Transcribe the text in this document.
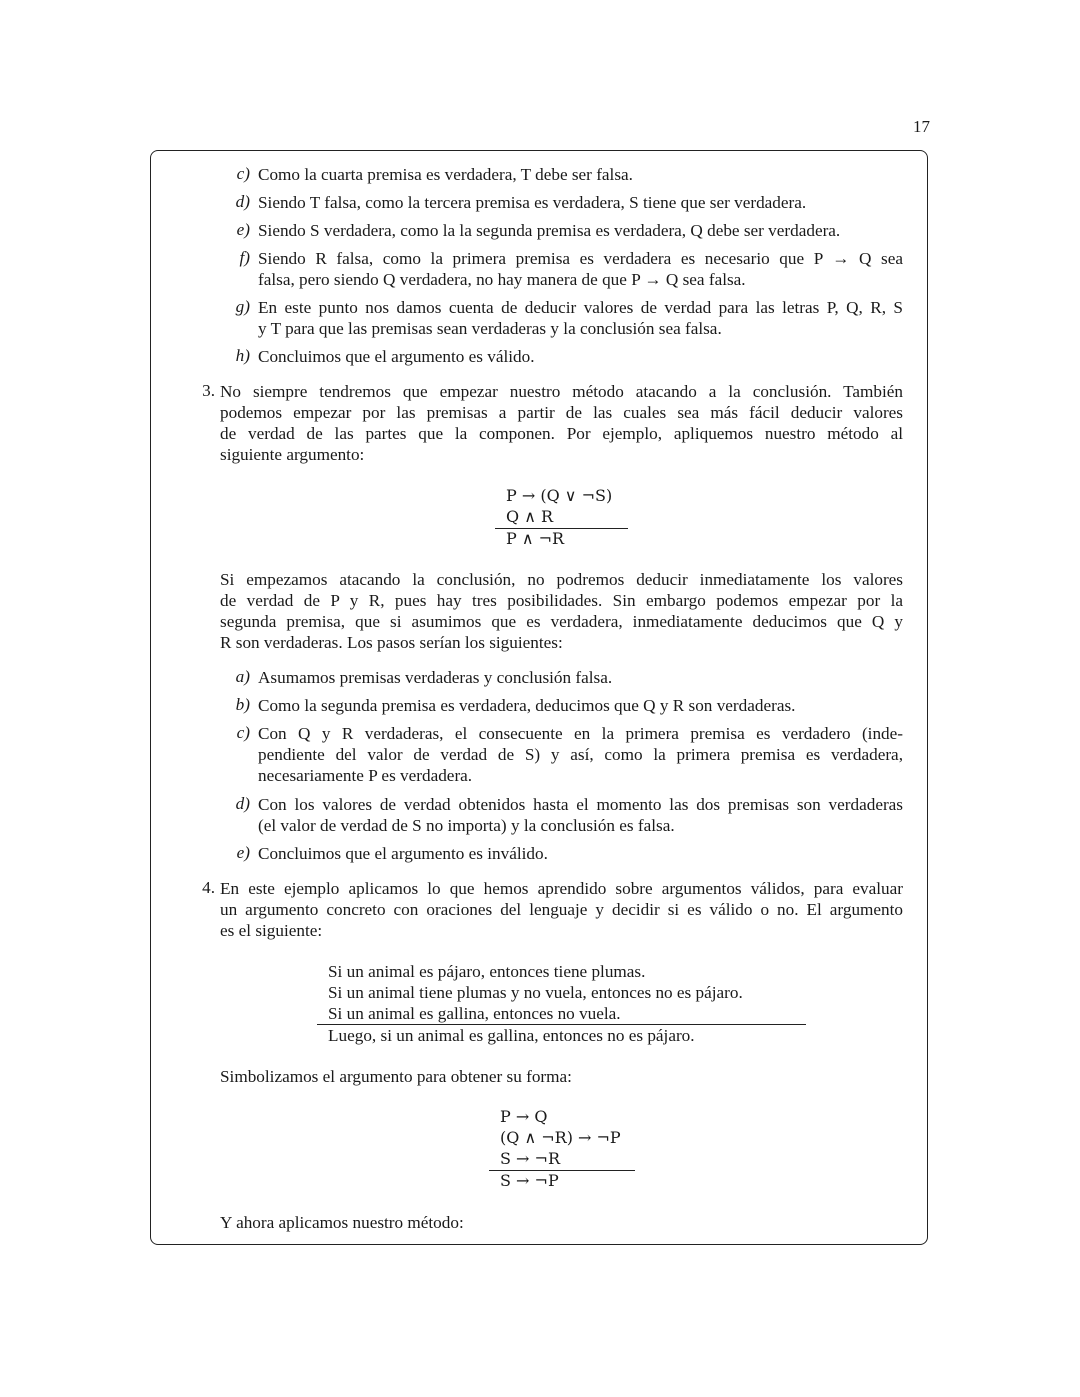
17
c) Como la cuarta premisa es verdadera, T debe ser falsa.
d) Siendo T falsa, como la tercera premisa es verdadera, S tiene que ser verdadera.
e) Siendo S verdadera, como la la segunda premisa es verdadera, Q debe ser verdadera.
f) Siendo R falsa, como la primera premisa es verdadera es necesario que P → Q sea
falsa, pero siendo Q verdadera, no hay manera de que P → Q sea falsa.
g) En este punto nos damos cuenta de deducir valores de verdad para las letras P, Q, R, S
y T para que las premisas sean verdaderas y la conclusión sea falsa.
h) Concluimos que el argumento es válido.
3. No siempre tendremos que empezar nuestro método atacando a la conclusión. También
podemos empezar por las premisas a partir de las cuales sea más fácil deducir valores
de verdad de las partes que la componen. Por ejemplo, apliquemos nuestro método al
siguiente argumento:
P → (Q ∨ ¬S)
Q ∧ R
P ∧ ¬R
Si empezamos atacando la conclusión, no podremos deducir inmediatamente los valores
de verdad de P y R, pues hay tres posibilidades. Sin embargo podemos empezar por la
segunda premisa, que si asumimos que es verdadera, inmediatamente deducimos que Q y
R son verdaderas. Los pasos serían los siguientes:
a) Asumamos premisas verdaderas y conclusión falsa.
b) Como la segunda premisa es verdadera, deducimos que Q y R son verdaderas.
c) Con Q y R verdaderas, el consecuente en la primera premisa es verdadero (inde-
pendiente del valor de verdad de S) y así, como la primera premisa es verdadera,
necesariamente P es verdadera.
d) Con los valores de verdad obtenidos hasta el momento las dos premisas son verdaderas
(el valor de verdad de S no importa) y la conclusión es falsa.
e) Concluimos que el argumento es inválido.
4. En este ejemplo aplicamos lo que hemos aprendido sobre argumentos válidos, para evaluar
un argumento concreto con oraciones del lenguaje y decidir si es válido o no. El argumento
es el siguiente:
Si un animal es pájaro, entonces tiene plumas.
Si un animal tiene plumas y no vuela, entonces no es pájaro.
Si un animal es gallina, entonces no vuela.
Luego, si un animal es gallina, entonces no es pájaro.
Simbolizamos el argumento para obtener su forma:
P → Q
(Q ∧ ¬R) → ¬P
S → ¬R
S → ¬P
Y ahora aplicamos nuestro método:
